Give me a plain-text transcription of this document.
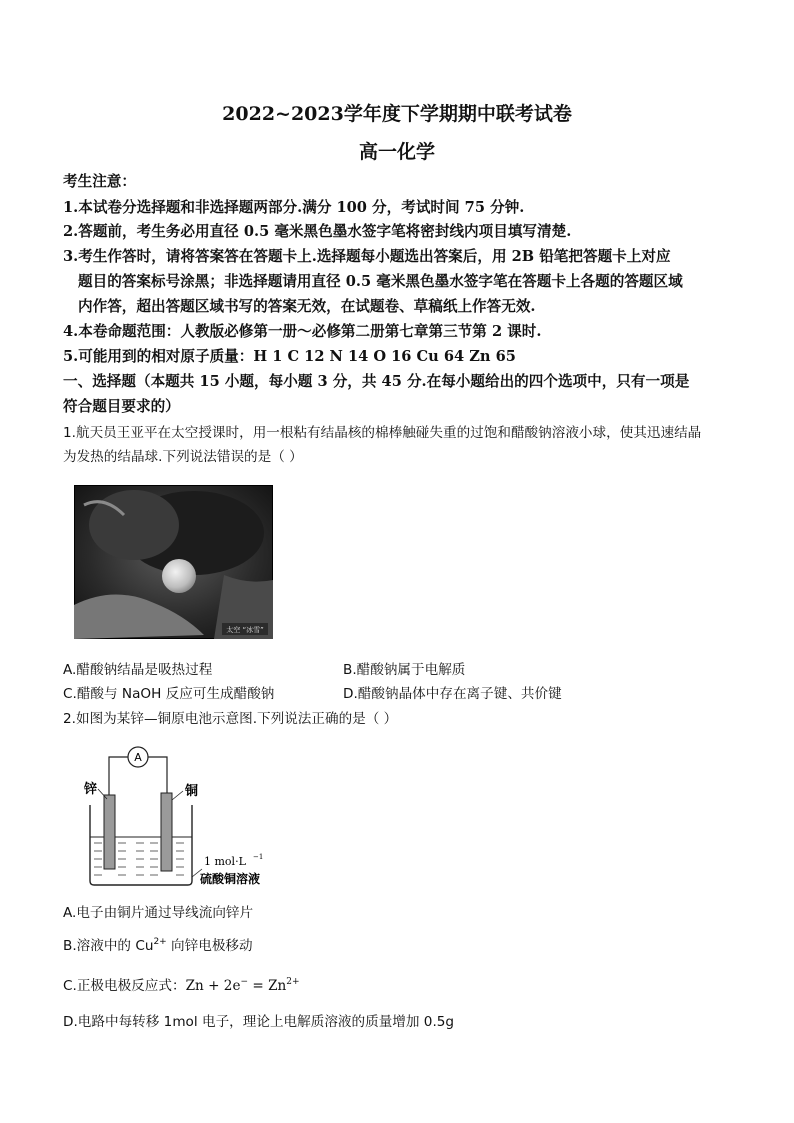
2022~2023学年度下学期期中联考试卷
高一化学
考生注意：
1.本试卷分选择题和非选择题两部分.满分 100 分，考试时间 75 分钟.
2.答题前，考生务必用直径 0.5 毫米黑色墨水签字笔将密封线内项目填写清楚.
3.考生作答时，请将答案答在答题卡上.选择题每小题选出答案后，用 2B 铅笔把答题卡上对应
题目的答案标号涂黑；非选择题请用直径 0.5 毫米黑色墨水签字笔在答题卡上各题的答题区域
内作答，超出答题区域书写的答案无效，在试题卷、草稿纸上作答无效.
4.本卷命题范围：人教版必修第一册～必修第二册第七章第三节第 2 课时.
5.可能用到的相对原子质量：H 1 C 12 N 14 O 16 Cu 64 Zn 65
一、选择题（本题共 15 小题，每小题 3 分，共 45 分.在每小题给出的四个选项中，只有一项是
符合题目要求的）
1.航天员王亚平在太空授课时，用一根粘有结晶核的棉棒触碰失重的过饱和醋酸钠溶液小球，使其迅速结晶
为发热的结晶球.下列说法错误的是（ ）
太空 “冰雪”
A.醋酸钠结晶是吸热过程	B.醋酸钠属于电解质
C.醋酸与 NaOH 反应可生成醋酸钠	D.醋酸钠晶体中存在离子键、共价键
2.如图为某锌—铜原电池示意图.下列说法正确的是（ ）
A
锌	铜
1 mol·L −1
硫酸铜溶液
A.电子由铜片通过导线流向锌片
B.溶液中的 $Cu^{2+}$ 向锌电极移动
C.正极电极反应式：$Zn + 2e^- = Zn^{2+}$
D.电路中每转移 1mol 电子，理论上电解质溶液的质量增加 0.5g
